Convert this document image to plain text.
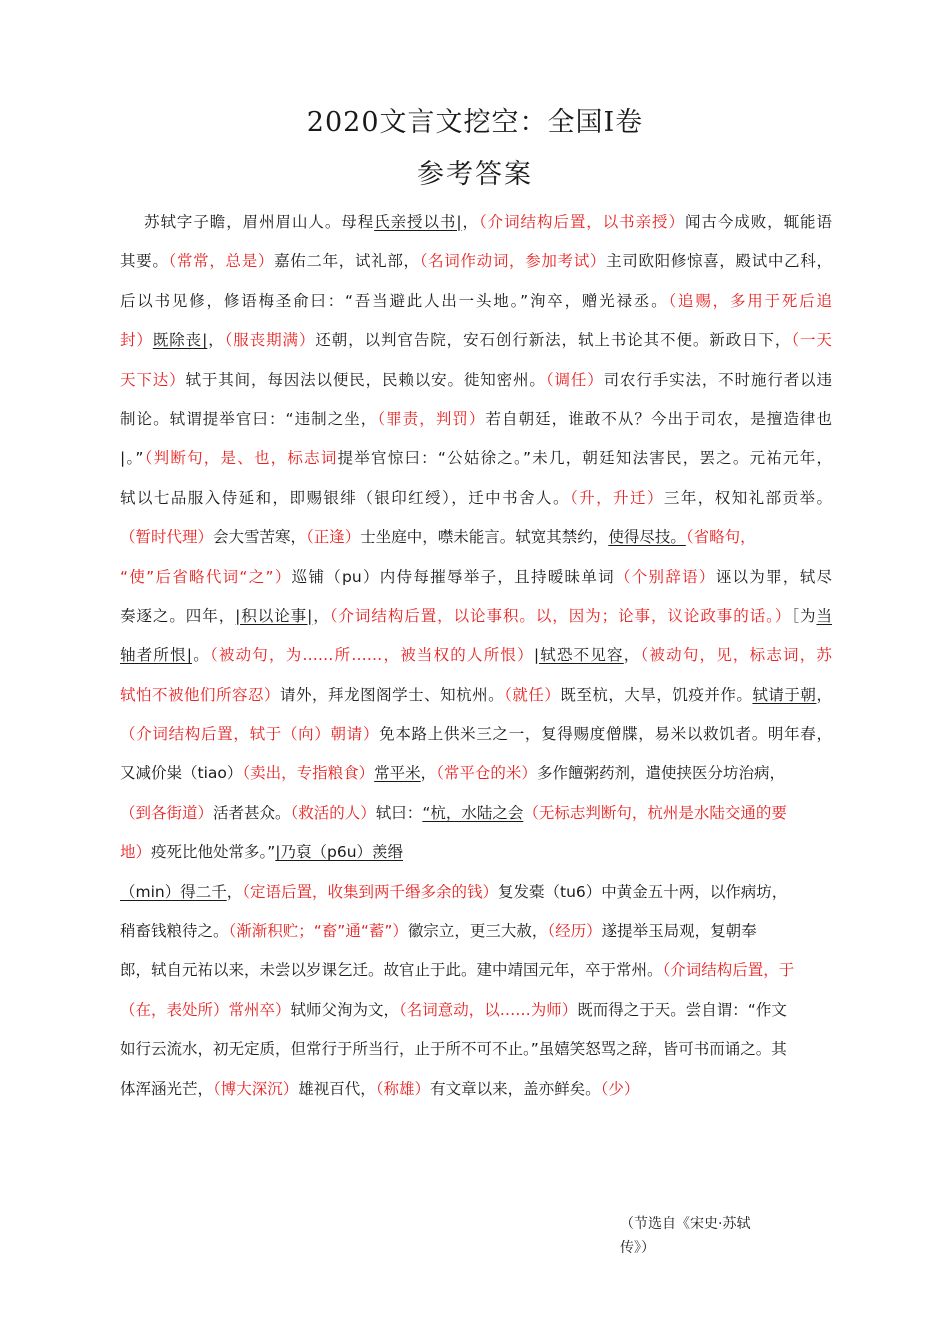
2020文言文挖空：全国I卷
参考答案
苏轼字子瞻，眉州眉山人。母程氏亲授以书|，（介词结构后置，以书亲授）闻古今成败，辄能语
其要。（常常，总是）嘉佑二年，试礼部，（名词作动词，参加考试）主司欧阳修惊喜，殿试中乙科，
后以书见修，修语梅圣俞曰：“吾当避此人出一头地。”洵卒，赠光禄丞。（追赐，多用于死后追
封）既除丧|，（服丧期满）还朝，以判官告院，安石创行新法，轼上书论其不便。新政日下，（一天
天下达）轼于其间，每因法以便民，民赖以安。徙知密州。（调任）司农行手实法，不时施行者以违
制论。轼谓提举官曰：“违制之坐，（罪责，判罚）若自朝廷，谁敢不从？今出于司农，是擅造律也
|。”（判断句，是、也，标志词提举官惊曰：“公姑徐之。”未几，朝廷知法害民，罢之。元祐元年，
轼以七品服入侍延和，即赐银绯（银印红绶），迁中书舍人。（升，升迁）三年，权知礼部贡举。
（暂时代理）会大雪苦寒，（正逢）士坐庭中，噤未能言。轼宽其禁约，使得尽技。（省略句，
“使”后省略代词“之”）巡铺（pu）内侍每摧辱举子，且持暧昧单词（个别辞语）诬以为罪，轼尽
奏逐之。四年，|积以论事|，（介词结构后置，以论事积。以，因为；论事，议论政事的话。）［为当
轴者所恨|。（被动句，为……所……，被当权的人所恨）|轼恐不见容，（被动句，见，标志词，苏
轼怕不被他们所容忍）请外，拜龙图阁学士、知杭州。（就任）既至杭，大旱，饥疫并作。轼请于朝，
（介词结构后置，轼于（向）朝请）免本路上供米三之一，复得赐度僧牒，易米以救饥者。明年春，
又减价粜（tiao）（卖出，专指粮食）常平米，（常平仓的米）多作饘粥药剂，遣使挟医分坊治病，
（到各街道）活者甚众。（救活的人）轼曰：“杭，水陆之会（无标志判断句，杭州是水陆交通的要
地）疫死比他处常多。”|乃裒（p6u）羡缗
（min）得二千，（定语后置，收集到两千缗多余的钱）复发橐（tu6）中黄金五十两，以作病坊，
稍畜钱粮待之。（渐渐积贮；“畜”通“蓄”）徽宗立，更三大赦，（经历）遂提举玉局观，复朝奉
郎，轼自元祐以来，未尝以岁课乞迁。故官止于此。建中靖国元年，卒于常州。（介词结构后置，于
（在，表处所）常州卒）轼师父洵为文，（名词意动，以……为师）既而得之于天。尝自谓：“作文
如行云流水，初无定质，但常行于所当行，止于所不可不止。”虽嬉笑怒骂之辞，皆可书而诵之。其
体浑涵光芒，（博大深沉）雄视百代，（称雄）有文章以来，盖亦鲜矣。（少）
（节选自《宋史·苏轼
传》）
